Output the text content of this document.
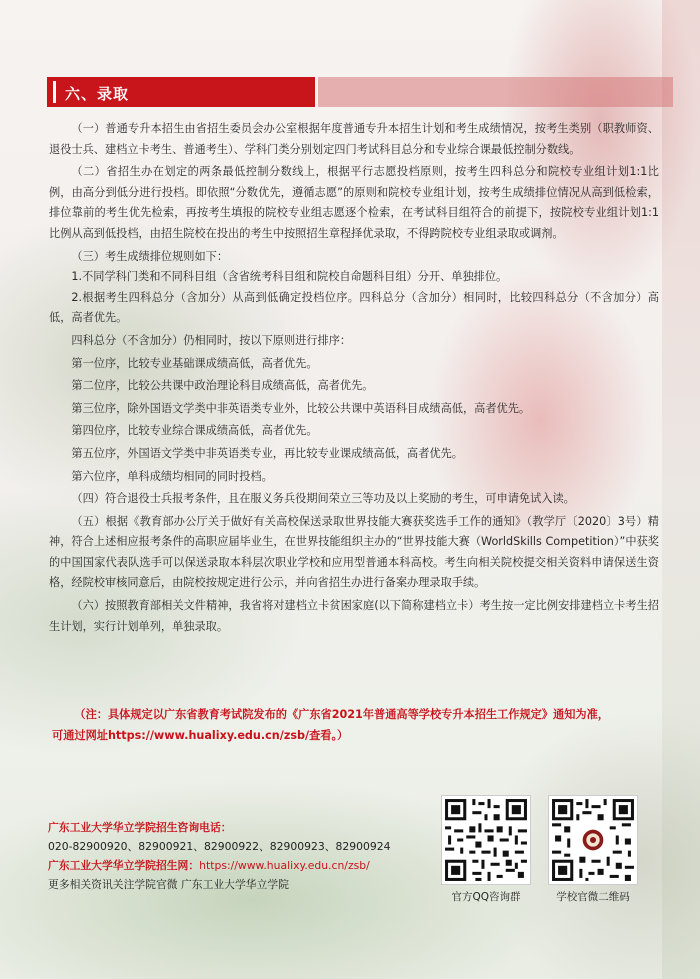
六、录取

（一）普通专升本招生由省招生委员会办公室根据年度普通专升本招生计划和考生成绩情况，按考生类别（职教师资、退役士兵、建档立卡考生、普通考生）、学科门类分别划定四门考试科目总分和专业综合课最低控制分数线。

（二）省招生办在划定的两条最低控制分数线上，根据平行志愿投档原则，按考生四科总分和院校专业组计划1:1比例，由高分到低分进行投档。即依照“分数优先，遵循志愿”的原则和院校专业组计划，按考生成绩排位情况从高到低检索，排位靠前的考生优先检索，再按考生填报的院校专业组志愿逐个检索，在考试科目组符合的前提下，按院校专业组计划1:1比例从高到低投档，由招生院校在投出的考生中按照招生章程择优录取，不得跨院校专业组录取或调剂。

（三）考生成绩排位规则如下：

1.不同学科门类和不同科目组（含省统考科目组和院校自命题科目组）分开、单独排位。

2.根据考生四科总分（含加分）从高到低确定投档位序。四科总分（含加分）相同时，比较四科总分（不含加分）高低，高者优先。

四科总分（不含加分）仍相同时，按以下原则进行排序：

第一位序，比较专业基础课成绩高低，高者优先。

第二位序，比较公共课中政治理论科目成绩高低，高者优先。

第三位序，除外国语文学类中非英语类专业外，比较公共课中英语科目成绩高低，高者优先。

第四位序，比较专业综合课成绩高低，高者优先。

第五位序，外国语文学类中非英语类专业，再比较专业课成绩高低，高者优先。

第六位序，单科成绩均相同的同时投档。

（四）符合退役士兵报考条件，且在服义务兵役期间荣立三等功及以上奖励的考生，可申请免试入读。

（五）根据《教育部办公厅关于做好有关高校保送录取世界技能大赛获奖选手工作的通知》（教学厅〔2020〕3号）精神，符合上述相应报考条件的高职应届毕业生，在世界技能组织主办的“世界技能大赛（WorldSkills Competition）”中获奖的中国国家代表队选手可以保送录取本科层次职业学校和应用型普通本科高校。考生向相关院校提交相关资料申请保送生资格，经院校审核同意后，由院校按规定进行公示，并向省招生办进行备案办理录取手续。

（六）按照教育部相关文件精神，我省将对建档立卡贫困家庭(以下简称建档立卡）考生按一定比例安排建档立卡考生招生计划，实行计划单列，单独录取。

（注：具体规定以广东省教育考试院发布的《广东省2021年普通高等学校专升本招生工作规定》通知为准，

可通过网址https://www.hualixy.edu.cn/zsb/查看。）

广东工业大学华立学院招生咨询电话：
020-82900920、82900921、82900922、82900923、82900924
广东工业大学华立学院招生网：https://www.hualixy.edu.cn/zsb/
更多相关资讯关注学院官微 广东工业大学华立学院
官方QQ咨询群	学校官微二维码
